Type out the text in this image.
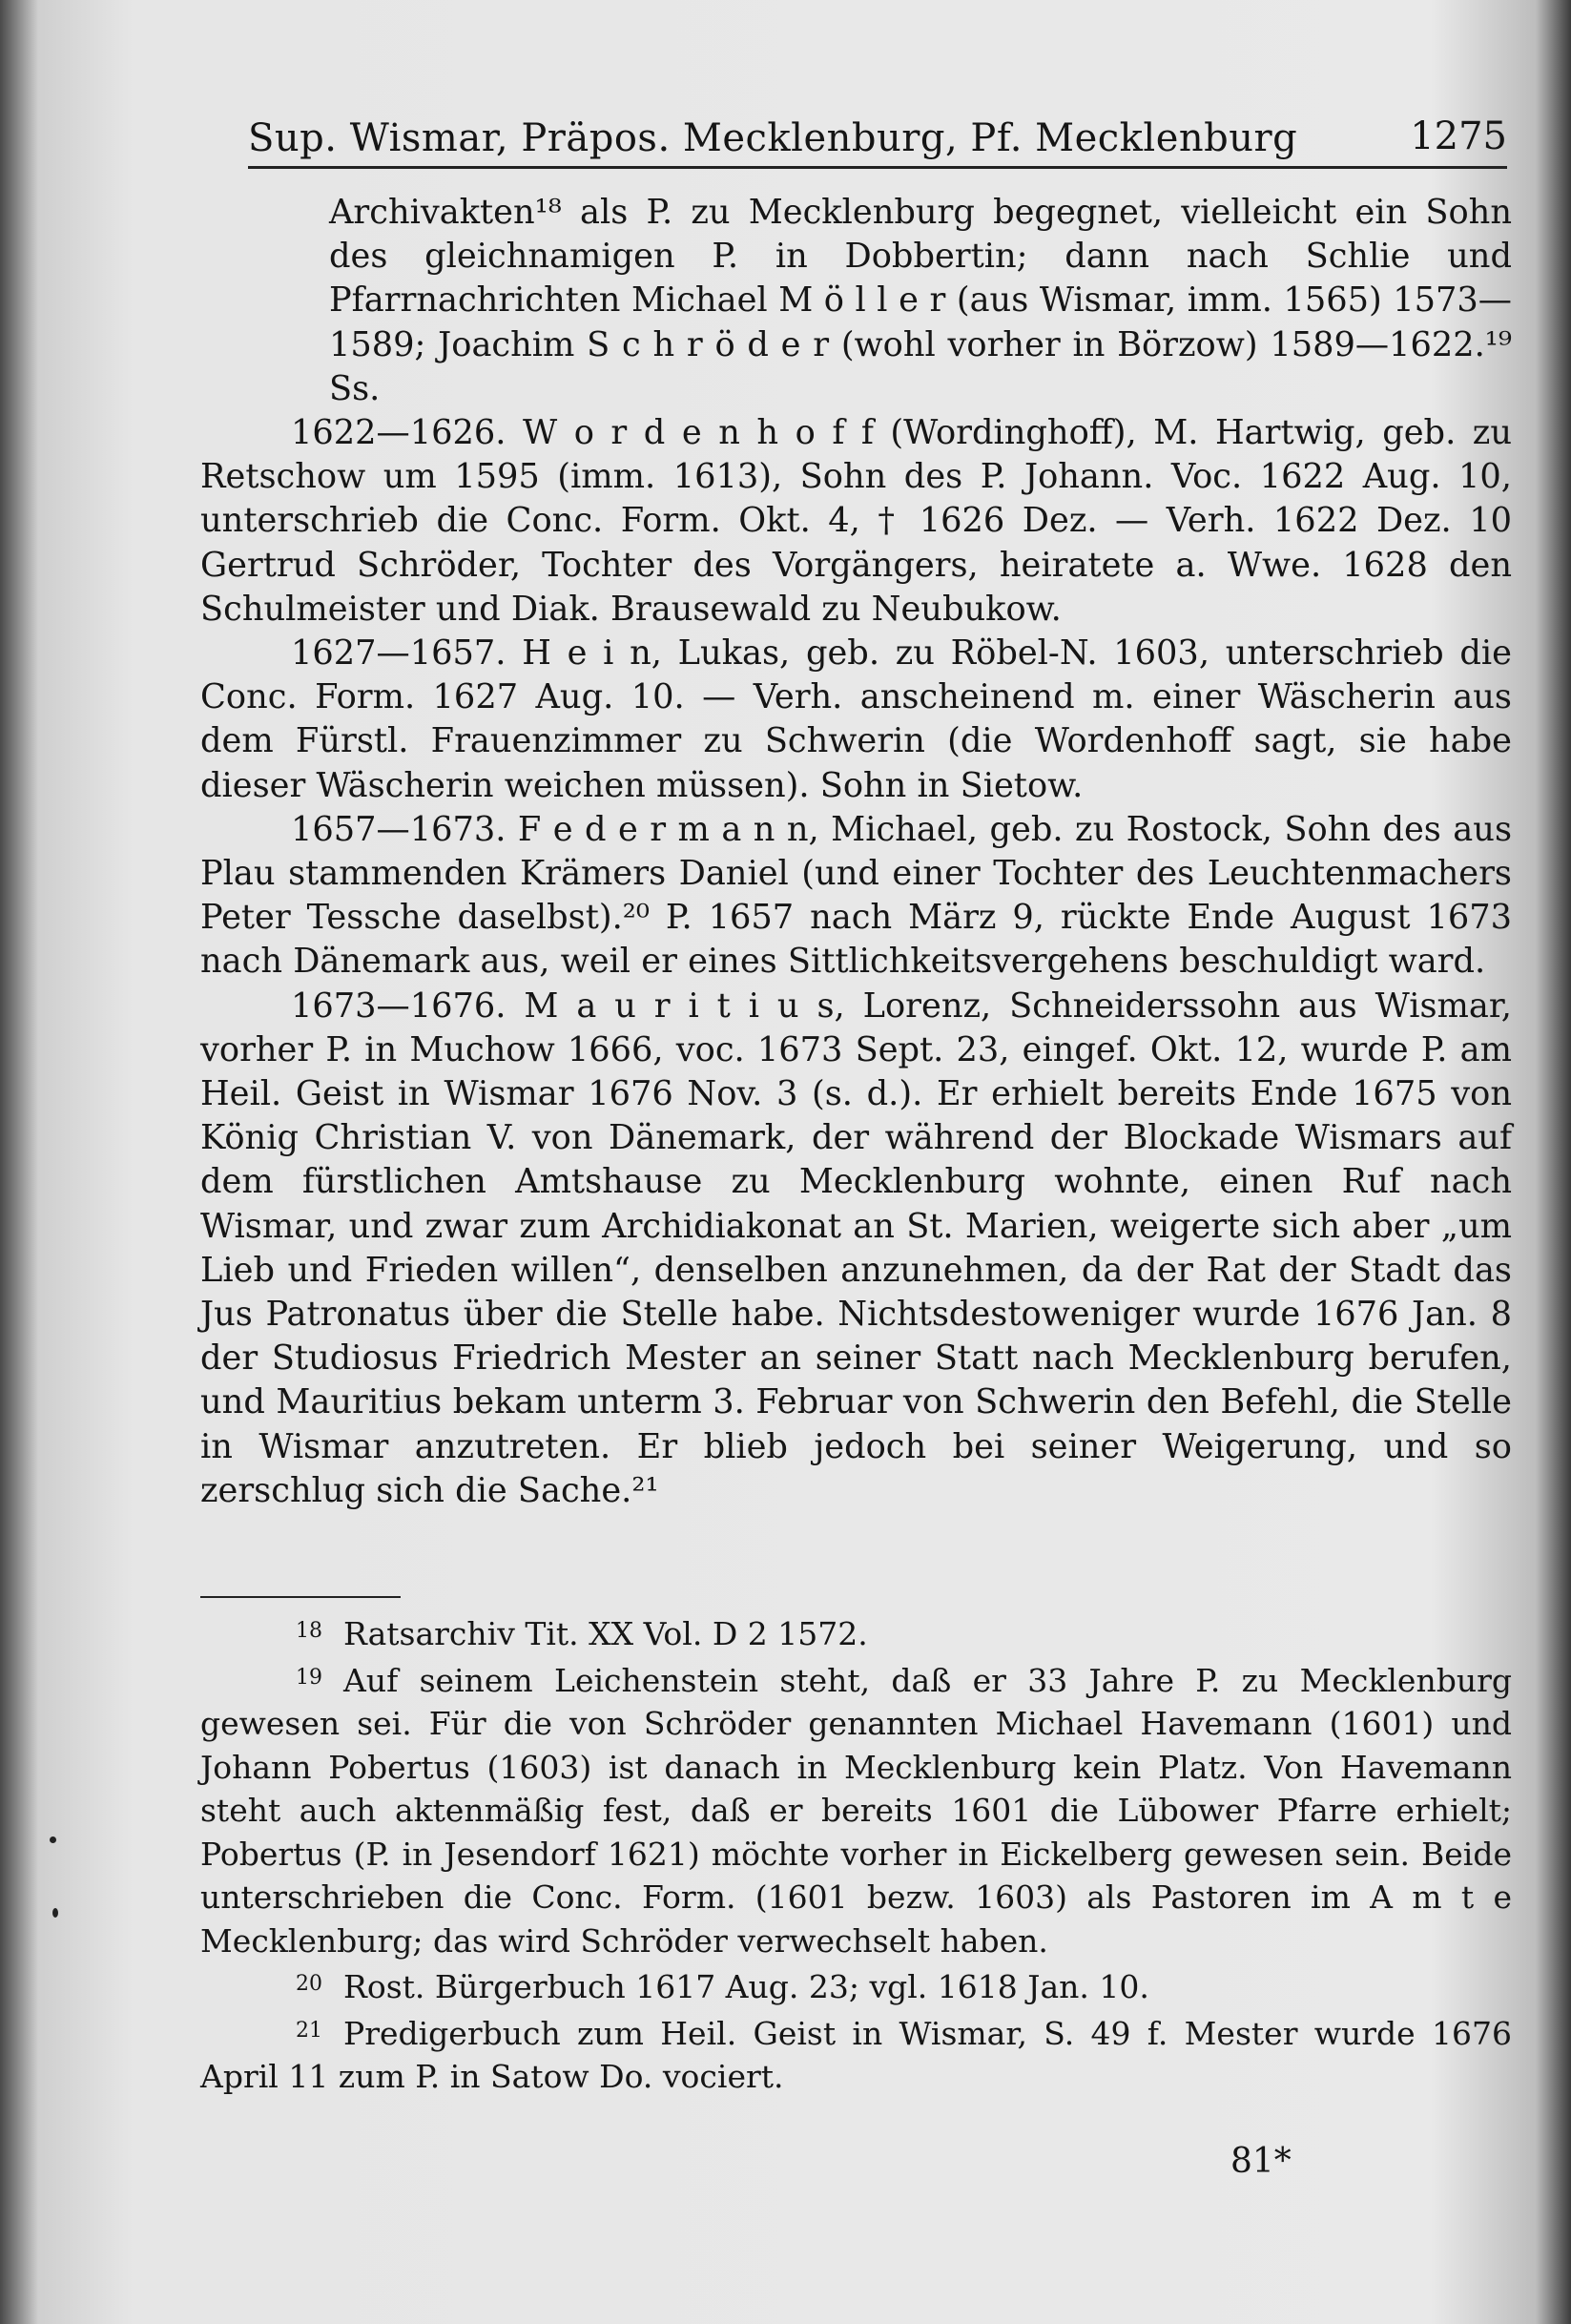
Sup. Wismar, Präpos. Mecklenburg, Pf. Mecklenburg	1275

Archivakten¹⁸ als P. zu Mecklenburg begegnet, vielleicht ein Sohn des gleichnamigen P. in Dobbertin; dann nach Schlie und Pfarrnachrichten Michael M ö l l e r (aus Wismar, imm. 1565) 1573—1589; Joachim S c h r ö d e r (wohl vorher in Börzow) 1589—1622.¹⁹ Ss.

1622—1626. W o r d e n h o f f (Wordinghoff), M. Hartwig, geb. zu Retschow um 1595 (imm. 1613), Sohn des P. Johann. Voc. 1622 Aug. 10, unterschrieb die Conc. Form. Okt. 4, † 1626 Dez. — Verh. 1622 Dez. 10 Gertrud Schröder, Tochter des Vorgängers, heiratete a. Wwe. 1628 den Schulmeister und Diak. Brausewald zu Neubukow.

1627—1657. H e i n, Lukas, geb. zu Röbel-N. 1603, unterschrieb die Conc. Form. 1627 Aug. 10. — Verh. anscheinend m. einer Wäscherin aus dem Fürstl. Frauenzimmer zu Schwerin (die Wordenhoff sagt, sie habe dieser Wäscherin weichen müssen). Sohn in Sietow.

1657—1673. F e d e r m a n n, Michael, geb. zu Rostock, Sohn des aus Plau stammenden Krämers Daniel (und einer Tochter des Leuchtenmachers Peter Tessche daselbst).²⁰ P. 1657 nach März 9, rückte Ende August 1673 nach Dänemark aus, weil er eines Sittlichkeitsvergehens beschuldigt ward.

1673—1676. M a u r i t i u s, Lorenz, Schneiderssohn aus Wismar, vorher P. in Muchow 1666, voc. 1673 Sept. 23, eingef. Okt. 12, wurde P. am Heil. Geist in Wismar 1676 Nov. 3 (s. d.). Er erhielt bereits Ende 1675 von König Christian V. von Dänemark, der während der Blockade Wismars auf dem fürstlichen Amtshause zu Mecklenburg wohnte, einen Ruf nach Wismar, und zwar zum Archidiakonat an St. Marien, weigerte sich aber „um Lieb und Frieden willen“, denselben anzunehmen, da der Rat der Stadt das Jus Patronatus über die Stelle habe. Nichtsdestoweniger wurde 1676 Jan. 8 der Studiosus Friedrich Mester an seiner Statt nach Mecklenburg berufen, und Mauritius bekam unterm 3. Februar von Schwerin den Befehl, die Stelle in Wismar anzutreten. Er blieb jedoch bei seiner Weigerung, und so zerschlug sich die Sache.²¹

$^{18}$ Ratsarchiv Tit. XX Vol. D 2 1572.

$^{19}$ Auf seinem Leichenstein steht, daß er 33 Jahre P. zu Mecklenburg gewesen sei. Für die von Schröder genannten Michael Havemann (1601) und Johann Pobertus (1603) ist danach in Mecklenburg kein Platz. Von Havemann steht auch aktenmäßig fest, daß er bereits 1601 die Lübower Pfarre erhielt; Pobertus (P. in Jesendorf 1621) möchte vorher in Eickelberg gewesen sein. Beide unterschrieben die Conc. Form. (1601 bezw. 1603) als Pastoren im A m t e Mecklenburg; das wird Schröder verwechselt haben.

$^{20}$ Rost. Bürgerbuch 1617 Aug. 23; vgl. 1618 Jan. 10.

$^{21}$ Predigerbuch zum Heil. Geist in Wismar, S. 49 f. Mester wurde 1676 April 11 zum P. in Satow Do. vociert.

81*
